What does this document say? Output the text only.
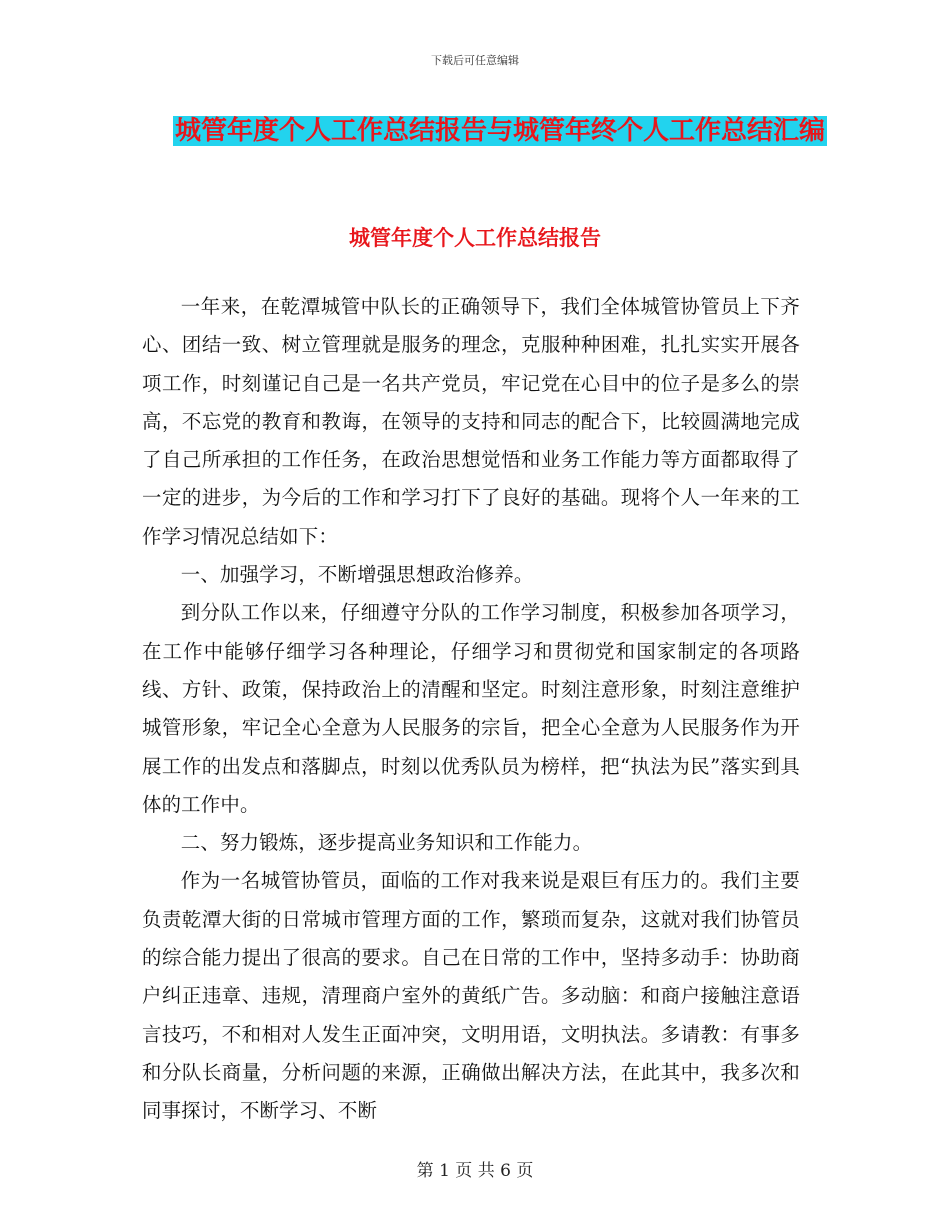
下载后可任意编辑
城管年度个人工作总结报告与城管年终个人工作总结汇编
城管年度个人工作总结报告

一年来，在乾潭城管中队长的正确领导下，我们全体城管协管员上下齐心、团结一致、树立管理就是服务的理念，克服种种困难，扎扎实实开展各项工作，时刻谨记自己是一名共产党员，牢记党在心目中的位子是多么的崇高，不忘党的教育和教诲，在领导的支持和同志的配合下，比较圆满地完成了自己所承担的工作任务，在政治思想觉悟和业务工作能力等方面都取得了一定的进步，为今后的工作和学习打下了良好的基础。现将个人一年来的工作学习情况总结如下：

一、加强学习，不断增强思想政治修养。

到分队工作以来，仔细遵守分队的工作学习制度，积极参加各项学习，在工作中能够仔细学习各种理论，仔细学习和贯彻党和国家制定的各项路线、方针、政策，保持政治上的清醒和坚定。时刻注意形象，时刻注意维护城管形象，牢记全心全意为人民服务的宗旨，把全心全意为人民服务作为开展工作的出发点和落脚点，时刻以优秀队员为榜样，把“执法为民”落实到具体的工作中。

二、努力锻炼，逐步提高业务知识和工作能力。

作为一名城管协管员，面临的工作对我来说是艰巨有压力的。我们主要负责乾潭大街的日常城市管理方面的工作，繁琐而复杂，这就对我们协管员的综合能力提出了很高的要求。自己在日常的工作中，坚持多动手：协助商户纠正违章、违规，清理商户室外的黄纸广告。多动脑：和商户接触注意语言技巧，不和相对人发生正面冲突，文明用语，文明执法。多请教：有事多和分队长商量，分析问题的来源，正确做出解决方法，在此其中，我多次和同事探讨，不断学习、不断

第 1 页 共 6 页
